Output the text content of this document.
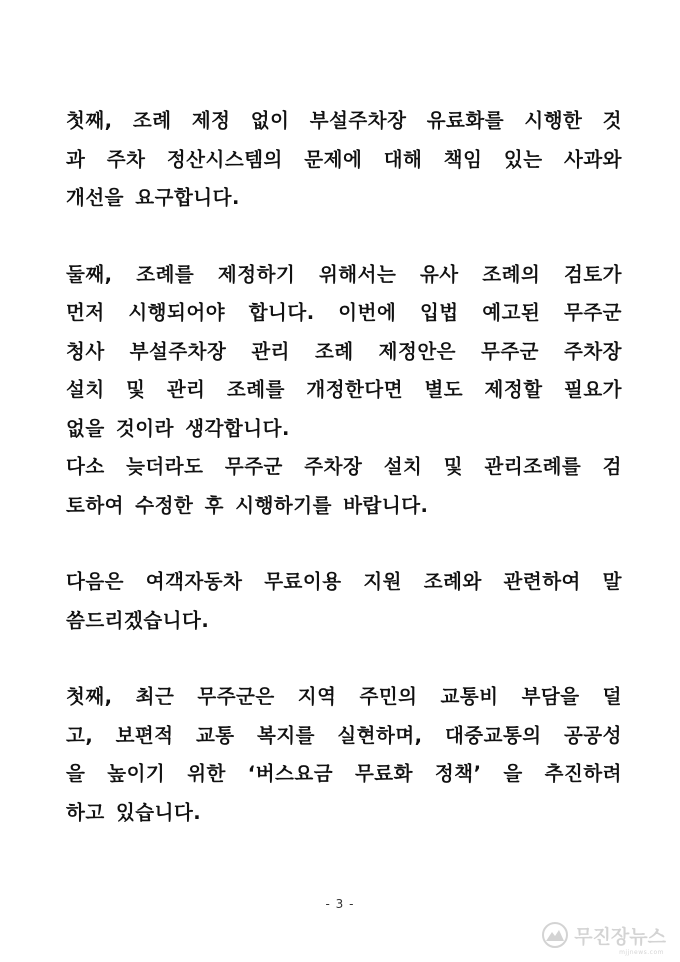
첫째, 조례 제정 없이 부설주차장 유료화를 시행한 것
과 주차 정산시스템의 문제에 대해 책임 있는 사과와
개선을 요구합니다.

둘째, 조례를 제정하기 위해서는 유사 조례의 검토가
먼저 시행되어야 합니다. 이번에 입법 예고된 무주군
청사 부설주차장 관리 조례 제정안은 무주군 주차장
설치 및 관리 조례를 개정한다면 별도 제정할 필요가
없을 것이라 생각합니다.

다소 늦더라도 무주군 주차장 설치 및 관리조례를 검
토하여 수정한 후 시행하기를 바랍니다.

다음은 여객자동차 무료이용 지원 조례와 관련하여 말
씀드리겠습니다.

첫째, 최근 무주군은 지역 주민의 교통비 부담을 덜
고, 보편적 교통 복지를 실현하며, 대중교통의 공공성
을 높이기 위한 ‘버스요금 무료화 정책’ 을 추진하려
하고 있습니다.

- 3 -
무진장뉴스
mjjnews.com
